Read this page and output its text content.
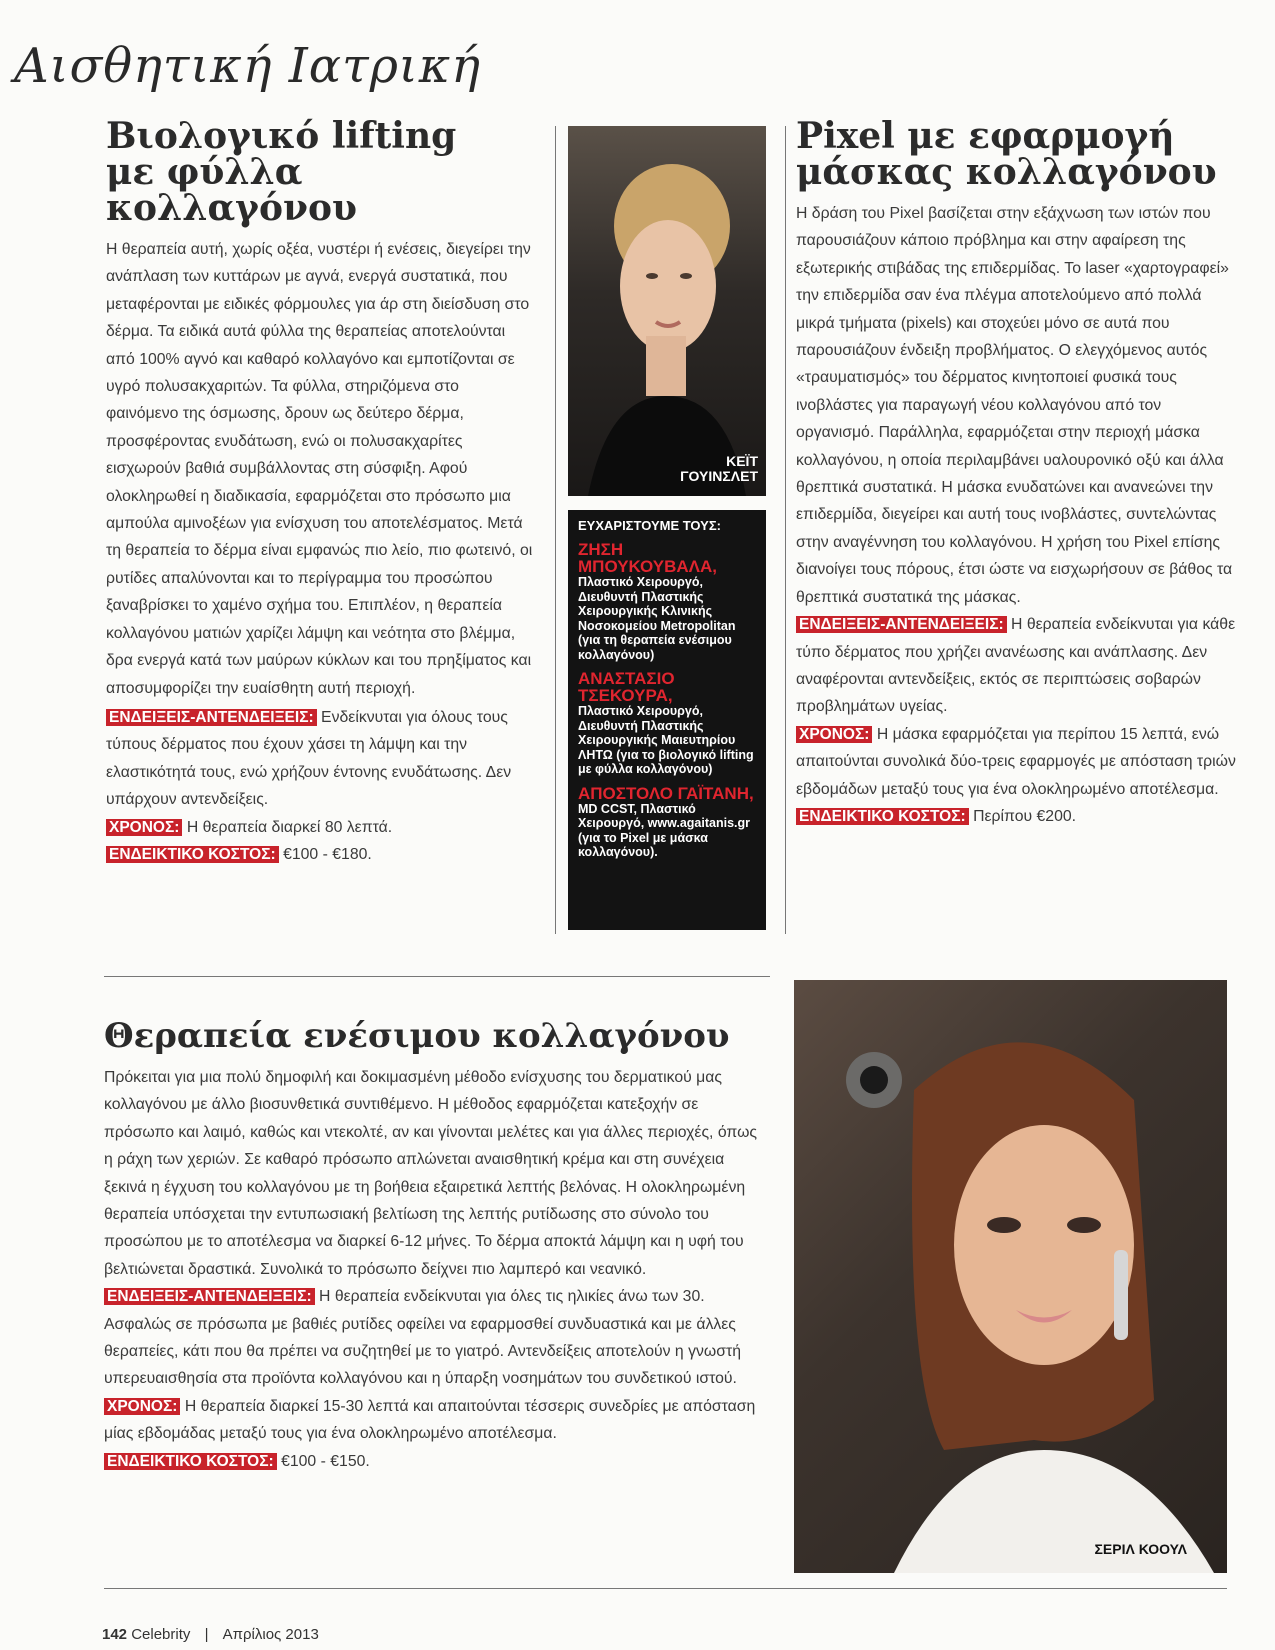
Αισθητική Ιατρική
Βιολογικό lifting
με φύλλα κολλαγόνου

Η θεραπεία αυτή, χωρίς οξέα, νυστέρι ή ενέσεις, διεγείρει την ανάπλαση των κυττάρων με αγνά, ενεργά συστατικά, που μεταφέρονται με ειδικές φόρμουλες για άρ στη διείσδυση στο δέρμα. Τα ειδικά αυτά φύλλα της θεραπείας αποτελούνται από 100% αγνό και καθαρό κολλαγόνο και εμποτίζονται σε υγρό πολυσακχαριτών. Τα φύλλα, στηριζόμενα στο φαινόμενο της όσμωσης, δρουν ως δεύτερο δέρμα, προσφέροντας ενυδάτωση, ενώ οι πολυσακχαρίτες εισχωρούν βαθιά συμβάλλοντας στη σύσφιξη. Αφού ολοκληρωθεί η διαδικασία, εφαρμόζεται στο πρόσωπο μια αμπούλα αμινοξέων για ενίσχυση του αποτελέσματος. Μετά τη θεραπεία το δέρμα είναι εμφανώς πιο λείο, πιο φωτεινό, οι ρυτίδες απαλύνονται και το περίγραμμα του προσώπου ξαναβρίσκει το χαμένο σχήμα του. Επιπλέον, η θεραπεία κολλαγόνου ματιών χαρίζει λάμψη και νεότητα στο βλέμμα, δρα ενεργά κατά των μαύρων κύκλων και του πρηξίματος και αποσυμφορίζει την ευαίσθητη αυτή περιοχή.

ΕΝΔΕΙΞΕΙΣ-ΑΝΤΕΝΔΕΙΞΕΙΣ: Ενδείκνυται για όλους τους τύπους δέρματος που έχουν χάσει τη λάμψη και την ελαστικότητά τους, ενώ χρήζουν έντονης ενυδάτωσης. Δεν υπάρχουν αντενδείξεις.

ΧΡΟΝΟΣ: Η θεραπεία διαρκεί 80 λεπτά.

ΕΝΔΕΙΚΤΙΚΟ ΚΟΣΤΟΣ: €100 - €180.

ΚΕΪΤ
ΓΟΥΙΝΣΛΕΤ
ΕΥΧΑΡΙΣΤΟΥΜΕ ΤΟΥΣ:
ΖΗΣΗ ΜΠΟΥΚΟΥΒΑΛΑ,
Πλαστικό Χειρουργό, Διευθυντή Πλαστικής Χειρουργικής Κλινικής Νοσοκομείου Metropolitan (για τη θεραπεία ενέσιμου κολλαγόνου)
ΑΝΑΣΤΑΣΙΟ ΤΣΕΚΟΥΡΑ,
Πλαστικό Χειρουργό, Διευθυντή Πλαστικής Χειρουργικής Μαιευτηρίου ΛΗΤΩ (για το βιολογικό lifting με φύλλα κολλαγόνου)
ΑΠΟΣΤΟΛΟ ΓΑΪΤΑΝΗ,
MD CCST, Πλαστικό Χειρουργό, www.agaitanis.gr (για το Pixel με μάσκα κολλαγόνου).
Pixel με εφαρμογή
μάσκας κολλαγόνου

Η δράση του Pixel βασίζεται στην εξάχνωση των ιστών που παρουσιάζουν κάποιο πρόβλημα και στην αφαίρεση της εξωτερικής στιβάδας της επιδερμίδας. Το laser «χαρτογραφεί» την επιδερμίδα σαν ένα πλέγμα αποτελούμενο από πολλά μικρά τμήματα (pixels) και στοχεύει μόνο σε αυτά που παρουσιάζουν ένδειξη προβλήματος. Ο ελεγχόμενος αυτός «τραυματισμός» του δέρματος κινητοποιεί φυσικά τους ινοβλάστες για παραγωγή νέου κολλαγόνου από τον οργανισμό. Παράλληλα, εφαρμόζεται στην περιοχή μάσκα κολλαγόνου, η οποία περιλαμβάνει υαλουρονικό οξύ και άλλα θρεπτικά συστατικά. Η μάσκα ενυδατώνει και ανανεώνει την επιδερμίδα, διεγείρει και αυτή τους ινοβλάστες, συντελώντας στην αναγέννηση του κολλαγόνου. Η χρήση του Pixel επίσης διανοίγει τους πόρους, έτσι ώστε να εισχωρήσουν σε βάθος τα θρεπτικά συστατικά της μάσκας.

ΕΝΔΕΙΞΕΙΣ-ΑΝΤΕΝΔΕΙΞΕΙΣ: Η θεραπεία ενδείκνυται για κάθε τύπο δέρματος που χρήζει ανανέωσης και ανάπλασης. Δεν αναφέρονται αντενδείξεις, εκτός σε περιπτώσεις σοβαρών προβλημάτων υγείας.

ΧΡΟΝΟΣ: Η μάσκα εφαρμόζεται για περίπου 15 λεπτά, ενώ απαιτούνται συνολικά δύο-τρεις εφαρμογές με απόσταση τριών εβδομάδων μεταξύ τους για ένα ολοκληρωμένο αποτέλεσμα.

ΕΝΔΕΙΚΤΙΚΟ ΚΟΣΤΟΣ: Περίπου €200.

Θεραπεία ενέσιμου κολλαγόνου

Πρόκειται για μια πολύ δημοφιλή και δοκιμασμένη μέθοδο ενίσχυσης του δερματικού μας κολλαγόνου με άλλο βιοσυνθετικά συντιθέμενο. Η μέθοδος εφαρμόζεται κατεξοχήν σε πρόσωπο και λαιμό, καθώς και ντεκολτέ, αν και γίνονται μελέτες και για άλλες περιοχές, όπως η ράχη των χεριών. Σε καθαρό πρόσωπο απλώνεται αναισθητική κρέμα και στη συνέχεια ξεκινά η έγχυση του κολλαγόνου με τη βοήθεια εξαιρετικά λεπτής βελόνας. Η ολοκληρωμένη θεραπεία υπόσχεται την εντυπωσιακή βελτίωση της λεπτής ρυτίδωσης στο σύνολο του προσώπου με το αποτέλεσμα να διαρκεί 6-12 μήνες. Το δέρμα αποκτά λάμψη και η υφή του βελτιώνεται δραστικά. Συνολικά το πρόσωπο δείχνει πιο λαμπερό και νεανικό.

ΕΝΔΕΙΞΕΙΣ-ΑΝΤΕΝΔΕΙΞΕΙΣ: Η θεραπεία ενδείκνυται για όλες τις ηλικίες άνω των 30. Ασφαλώς σε πρόσωπα με βαθιές ρυτίδες οφείλει να εφαρμοσθεί συνδυαστικά και με άλλες θεραπείες, κάτι που θα πρέπει να συζητηθεί με το γιατρό. Αντενδείξεις αποτελούν η γνωστή υπερευαισθησία στα προϊόντα κολλαγόνου και η ύπαρξη νοσημάτων του συνδετικού ιστού.

ΧΡΟΝΟΣ: Η θεραπεία διαρκεί 15-30 λεπτά και απαιτούνται τέσσερις συνεδρίες με απόσταση μίας εβδομάδας μεταξύ τους για ένα ολοκληρωμένο αποτέλεσμα.

ΕΝΔΕΙΚΤΙΚΟ ΚΟΣΤΟΣ: €100 - €150.

ΣΕΡΙΛ ΚΟΟΥΛ
142 Celebrity | Απρίλιος 2013
